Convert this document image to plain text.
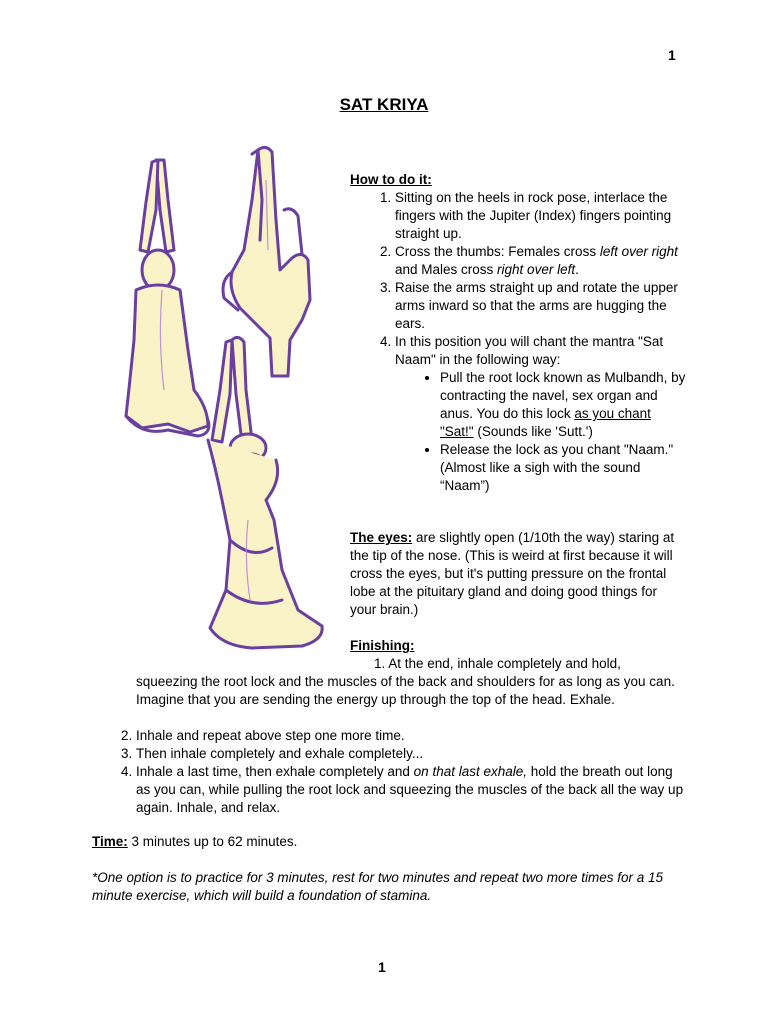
1
SAT KRIYA
How to do it:
1. Sitting on the heels in rock pose, interlace the fingers with the Jupiter (Index) fingers pointing straight up.
2. Cross the thumbs: Females cross left over right and Males cross right over left.
3. Raise the arms straight up and rotate the upper arms inward so that the arms are hugging the ears.
4. In this position you will chant the mantra "Sat Naam" in the following way:
• Pull the root lock known as Mulbandh, by contracting the navel, sex organ and anus. You do this lock as you chant "Sat!" (Sounds like 'Sutt.')
• Release the lock as you chant "Naam." (Almost like a sigh with the sound “Naam”)
The eyes: are slightly open (1/10th the way) staring at the tip of the nose. (This is weird at first because it will cross the eyes, but it's putting pressure on the frontal lobe at the pituitary gland and doing good things for your brain.)
Finishing:
1. At the end, inhale completely and hold,
squeezing the root lock and the muscles of the back and shoulders for as long as you can. Imagine that you are sending the energy up through the top of the head. Exhale.
2. Inhale and repeat above step one more time.
3. Then inhale completely and exhale completely...
4. Inhale a last time, then exhale completely and on that last exhale, hold the breath out long as you can, while pulling the root lock and squeezing the muscles of the back all the way up again. Inhale, and relax.
Time: 3 minutes up to 62 minutes.
*One option is to practice for 3 minutes, rest for two minutes and repeat two more times for a 15 minute exercise, which will build a foundation of stamina.
1
